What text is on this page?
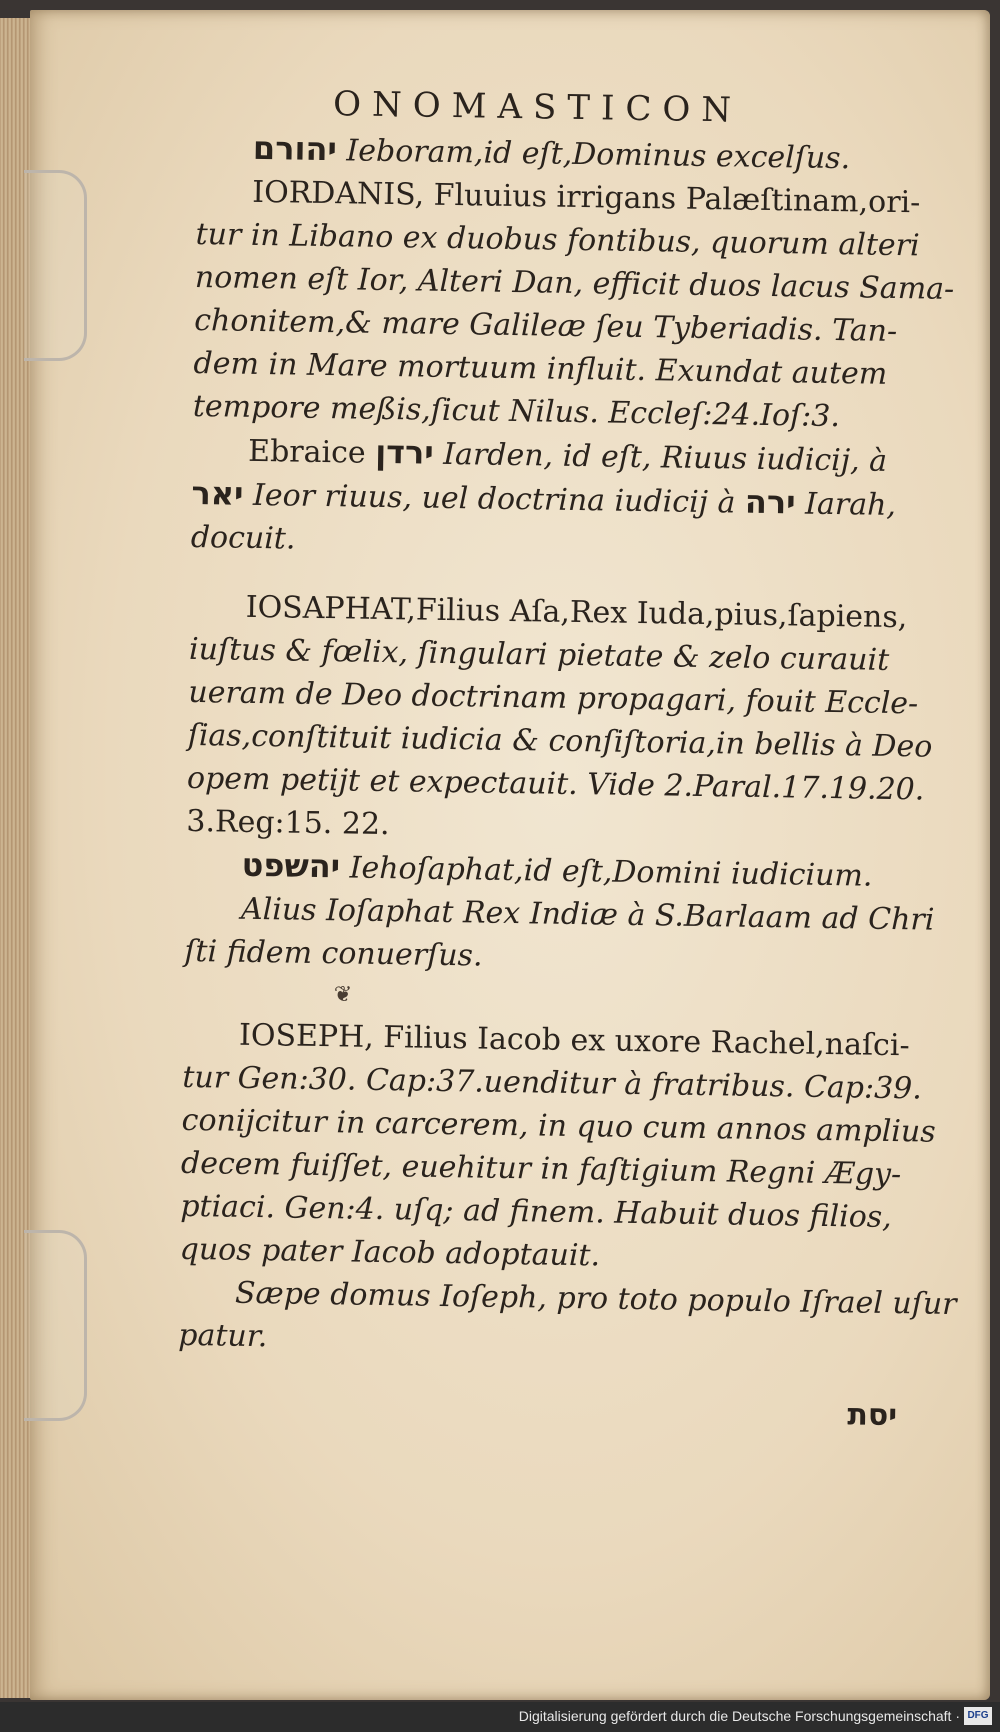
ONOMASTICON
יהורם Ieboram,id eſt,Dominus excelſus.
IORDANIS, Fluuius irrigans Palæſtinam,ori-
tur in Libano ex duobus fontibus, quorum alteri
nomen eſt Ior, Alteri Dan, efficit duos lacus Sama-
chonitem,& mare Galileæ ſeu Tyberiadis. Tan-
dem in Mare mortuum influit. Exundat autem
tempore meßis,ſicut Nilus. Eccleſ:24.Ioſ:3.
Ebraice ירדן Iarden, id eſt, Riuus iudicij, à
יאר Ieor riuus, uel doctrina iudicij à ירה Iarah,
docuit.
IOSAPHAT,Filius Aſa,Rex Iuda,pius,ſapiens,
iuſtus & fœlix, ſingulari pietate & zelo curauit
ueram de Deo doctrinam propagari, fouit Eccle-
ſias,conſtituit iudicia & conſiſtoria,in bellis à Deo
opem petijt et expectauit. Vide 2.Paral.17.19.20.
3.Reg:15. 22.
יהשפט Iehoſaphat,id eſt,Domini iudicium.
Alius Ioſaphat Rex Indiæ à S.Barlaam ad Chri
ſti fidem conuerſus.
❦
IOSEPH, Filius Iacob ex uxore Rachel,naſci-
tur Gen:30. Cap:37.uenditur à fratribus. Cap:39.
conijcitur in carcerem, in quo cum annos amplius
decem fuiſſet, euehitur in faſtigium Regni Ægy-
ptiaci. Gen:4. uſq; ad finem. Habuit duos filios,
quos pater Iacob adoptauit.
Sæpe domus Ioſeph, pro toto populo Iſrael uſur
patur.
יסת
Digitalisierung gefördert durch die Deutsche Forschungsgemeinschaft · DFG
